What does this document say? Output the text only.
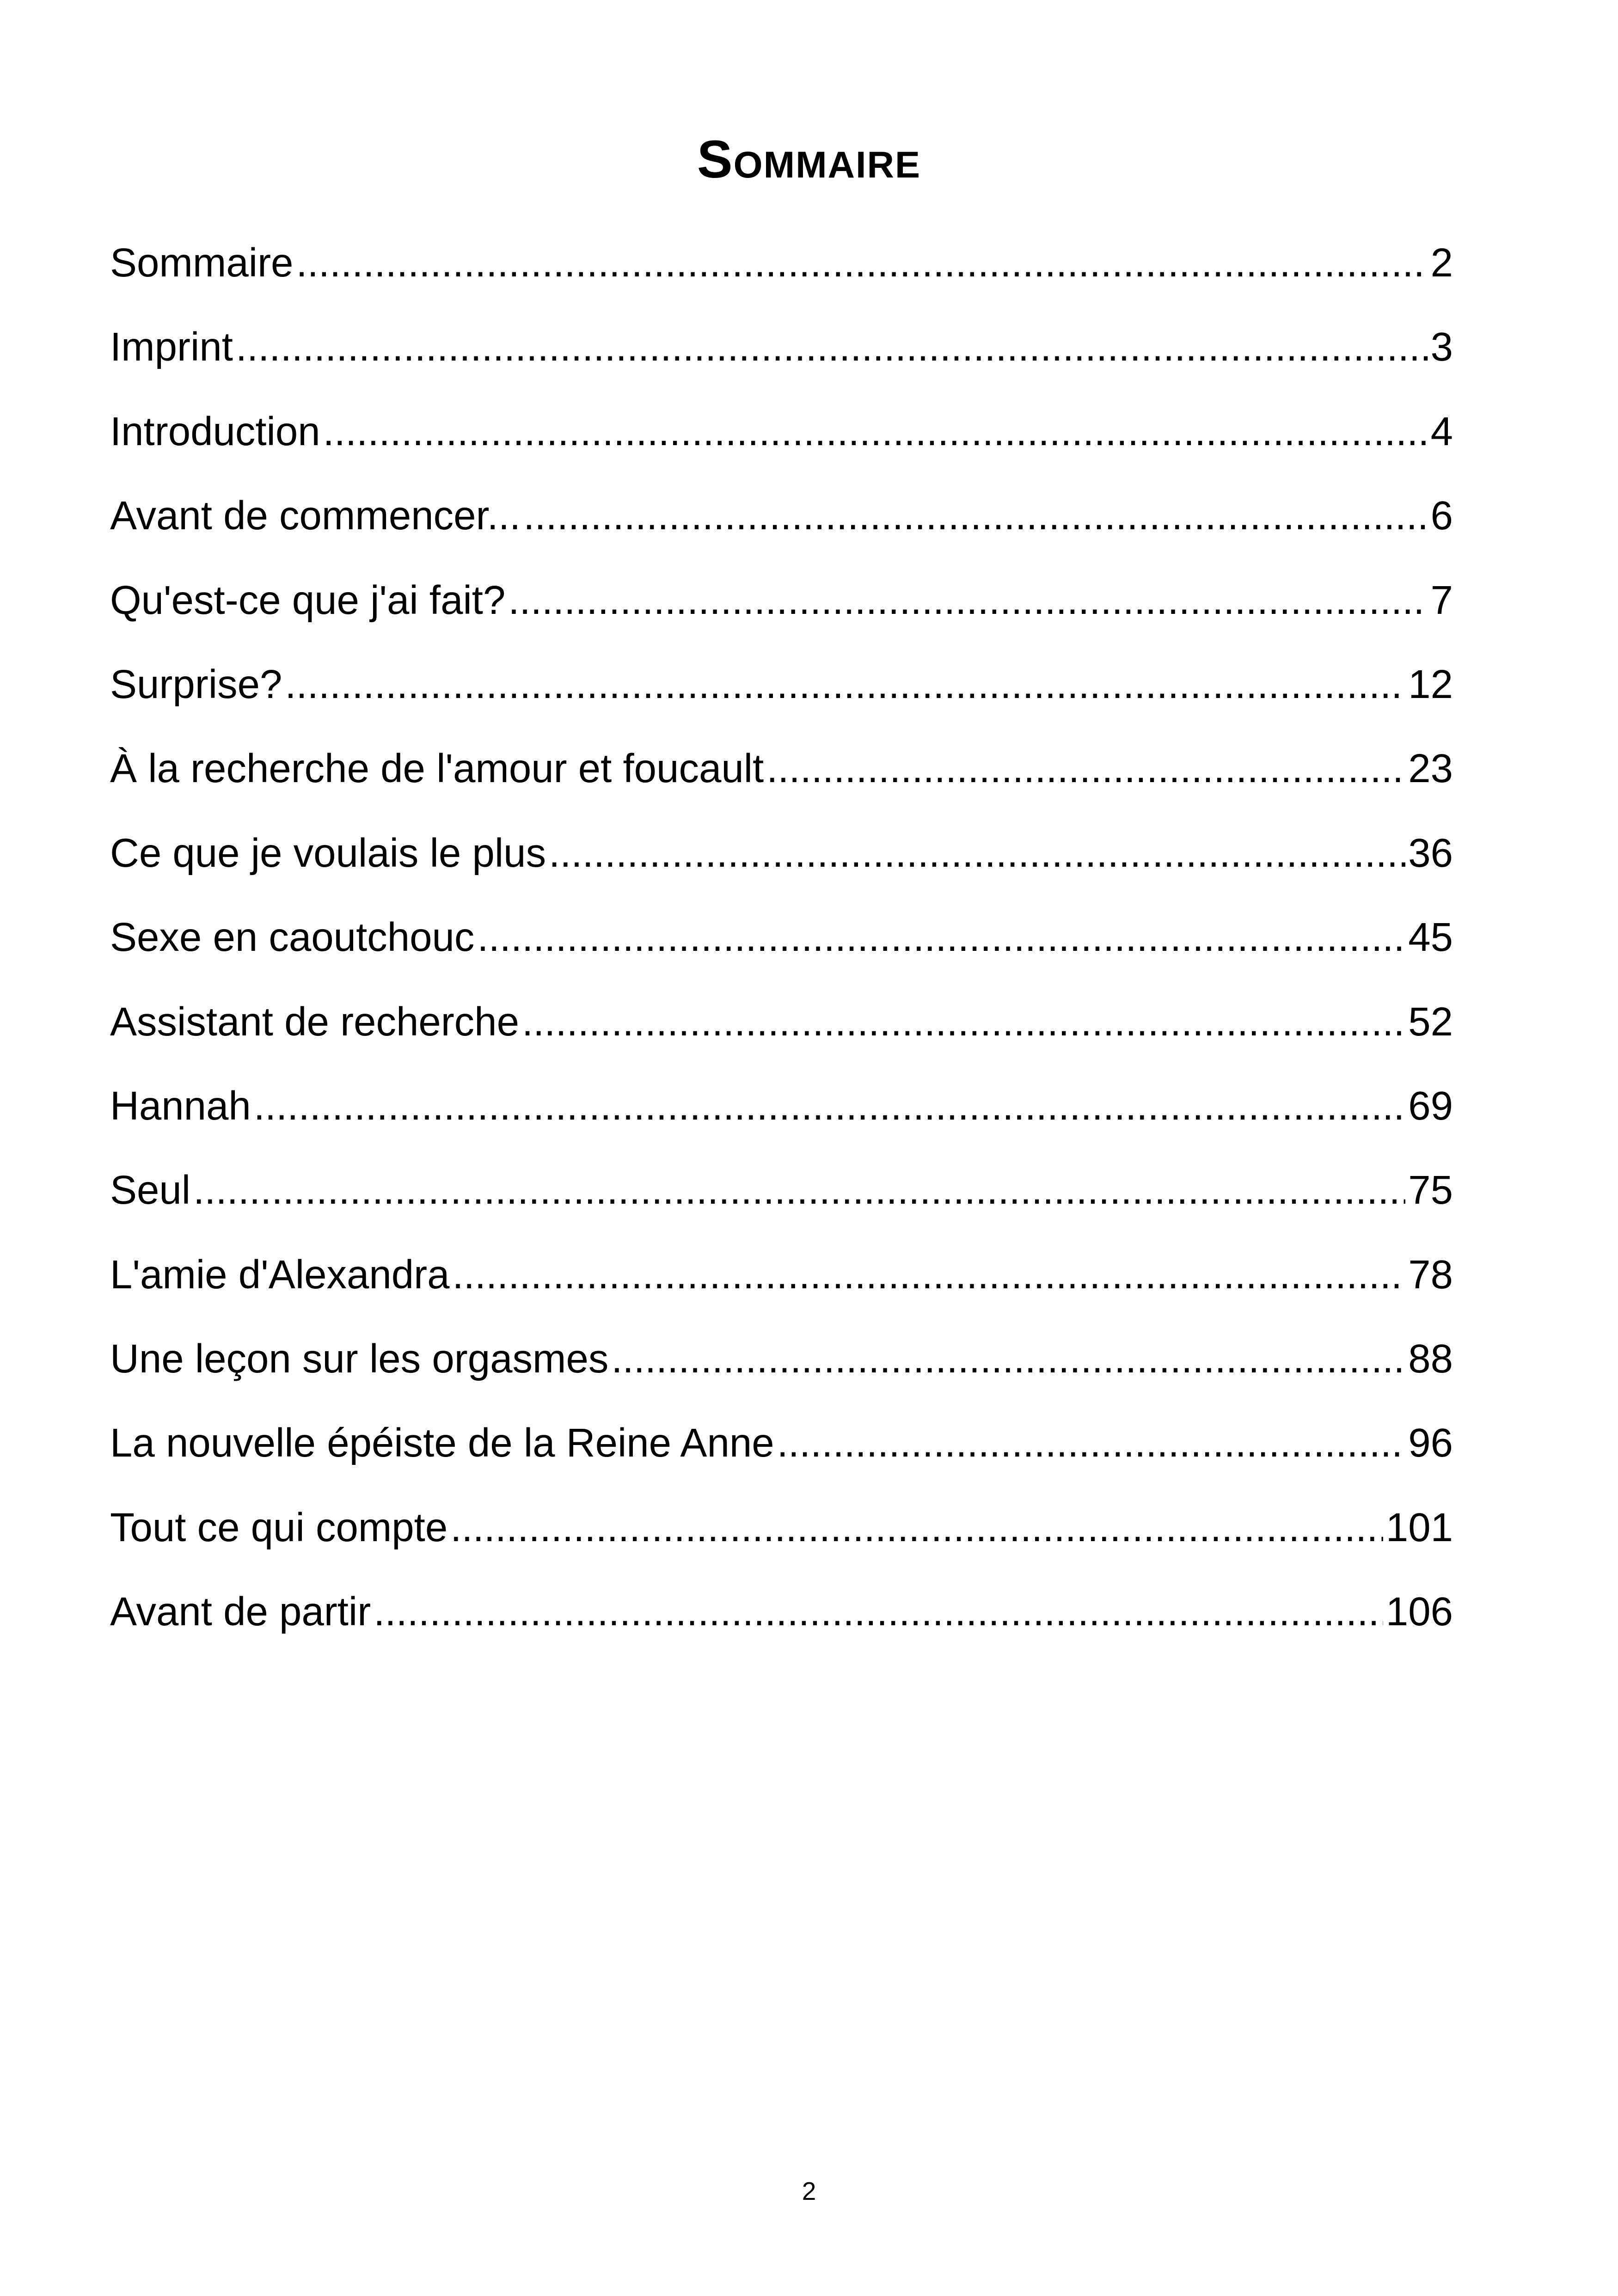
Sommaire
Sommaire .....	2
Imprint .....	3
Introduction .....	4
Avant de commencer... .....	6
Qu'est-ce que j'ai fait? .....	7
Surprise? .....	12
À la recherche de l'amour et foucault .....	23
Ce que je voulais le plus .....	36
Sexe en caoutchouc .....	45
Assistant de recherche .....	52
Hannah .....	69
Seul .....	75
L'amie d'Alexandra .....	78
Une leçon sur les orgasmes .....	88
La nouvelle épéiste de la Reine Anne .....	96
Tout ce qui compte .....	101
Avant de partir .....	106
2
